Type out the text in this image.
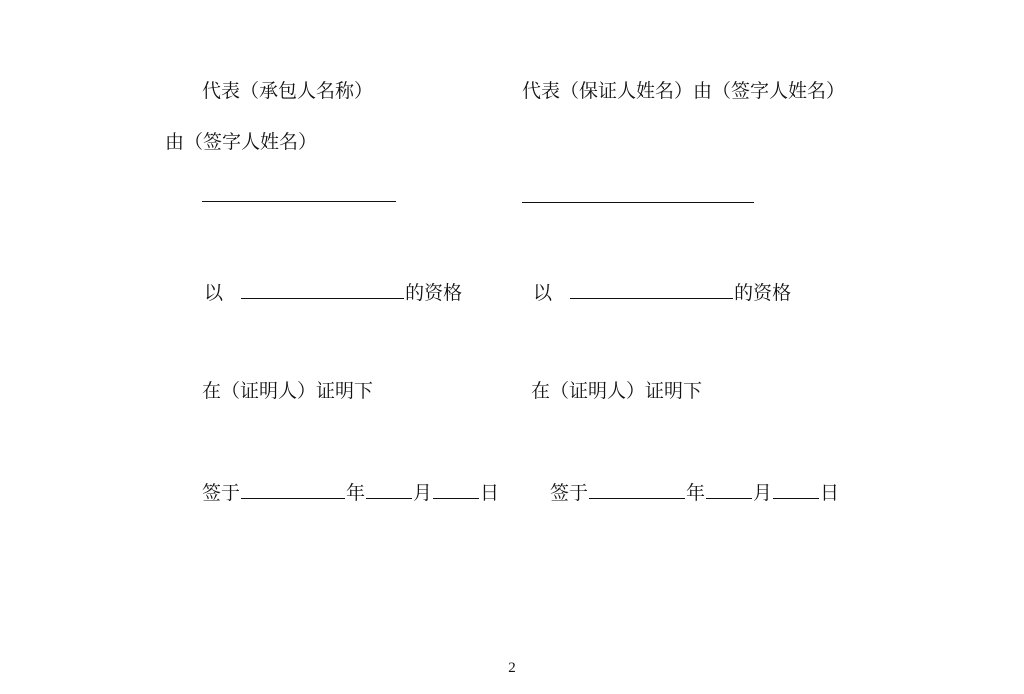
代表（承包人名称）
由（签字人姓名）
以	的资格
在（证明人）证明下
签于	年	月	日
代表（保证人姓名）由（签字人姓名）
以	的资格
在（证明人）证明下
签于	年	月	日
2
